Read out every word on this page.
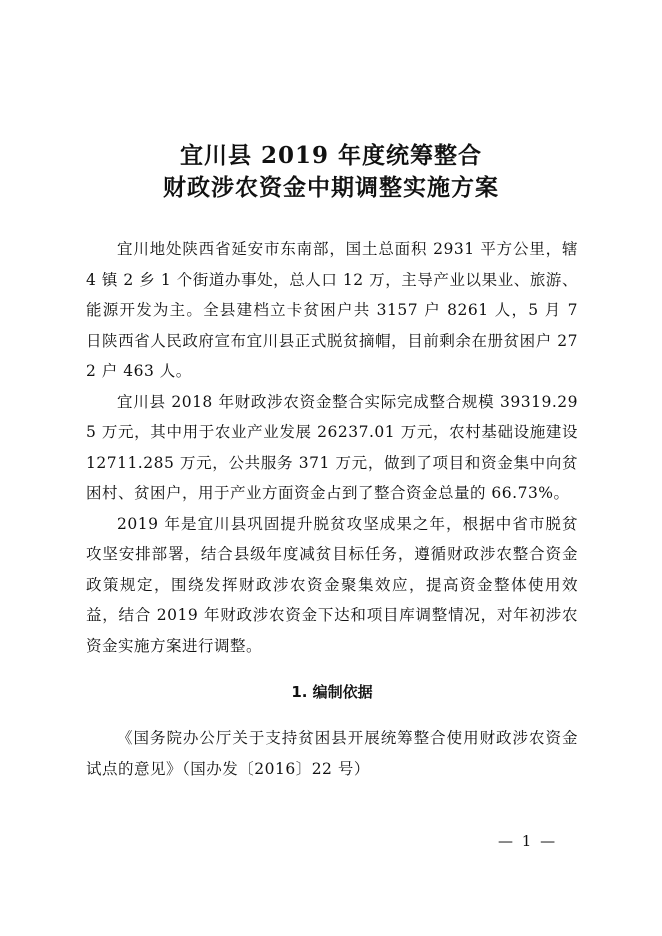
宜川县 2019 年度统筹整合
财政涉农资金中期调整实施方案

宜川地处陕西省延安市东南部，国土总面积 2931 平方公里，辖 4 镇 2 乡 1 个街道办事处，总人口 12 万，主导产业以果业、旅游、能源开发为主。全县建档立卡贫困户共 3157 户 8261 人，5 月 7 日陕西省人民政府宣布宜川县正式脱贫摘帽，目前剩余在册贫困户 272 户 463 人。

宜川县 2018 年财政涉农资金整合实际完成整合规模 39319.295 万元，其中用于农业产业发展 26237.01 万元，农村基础设施建设 12711.285 万元，公共服务 371 万元，做到了项目和资金集中向贫困村、贫困户，用于产业方面资金占到了整合资金总量的 66.73%。

2019 年是宜川县巩固提升脱贫攻坚成果之年，根据中省市脱贫攻坚安排部署，结合县级年度减贫目标任务，遵循财政涉农整合资金政策规定，围绕发挥财政涉农资金聚集效应，提高资金整体使用效益，结合 2019 年财政涉农资金下达和项目库调整情况，对年初涉农资金实施方案进行调整。

1. 编制依据

《国务院办公厅关于支持贫困县开展统筹整合使用财政涉农资金试点的意见》（国办发〔2016〕22 号）

— 1 —
